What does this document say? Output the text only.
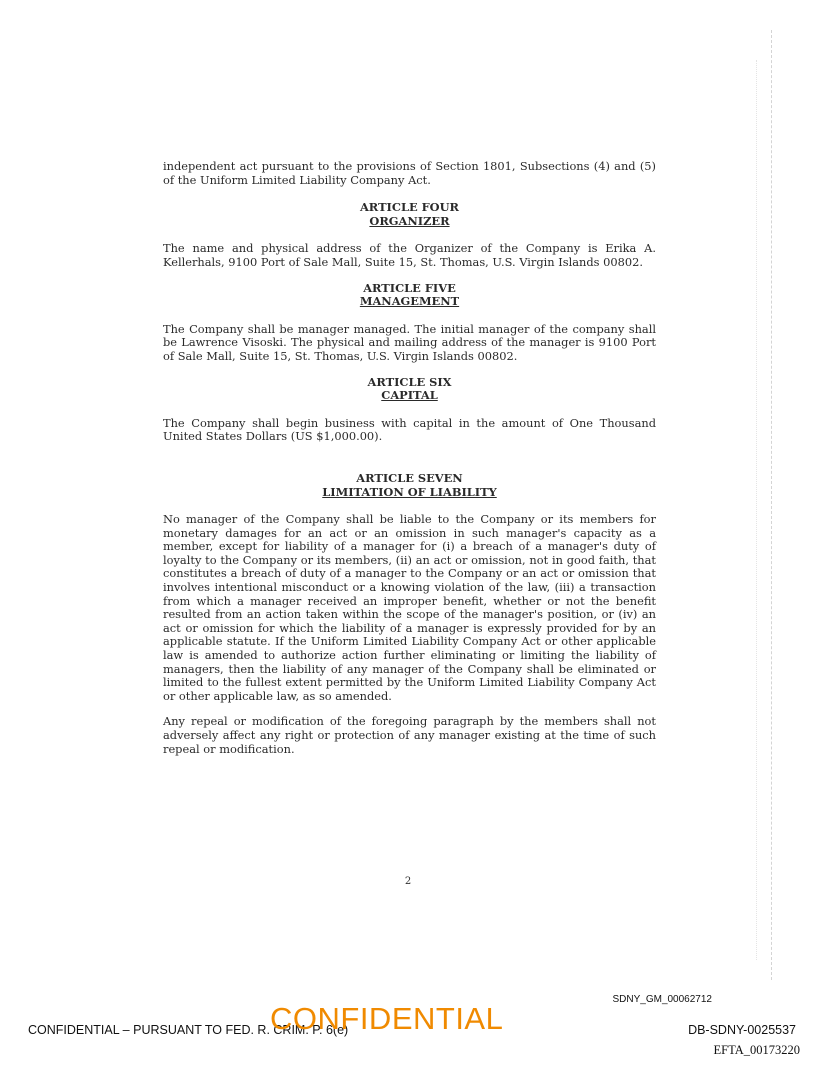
independent act pursuant to the provisions of Section 1801, Subsections (4) and (5) of the Uniform Limited Liability Company Act.

ARTICLE FOUR
ORGANIZER

The name and physical address of the Organizer of the Company is Erika A. Kellerhals, 9100 Port of Sale Mall, Suite 15, St. Thomas, U.S. Virgin Islands 00802.

ARTICLE FIVE
MANAGEMENT

The Company shall be manager managed. The initial manager of the company shall be Lawrence Visoski. The physical and mailing address of the manager is 9100 Port of Sale Mall, Suite 15, St. Thomas, U.S. Virgin Islands 00802.

ARTICLE SIX
CAPITAL

The Company shall begin business with capital in the amount of One Thousand United States Dollars (US $1,000.00).

ARTICLE SEVEN
LIMITATION OF LIABILITY

No manager of the Company shall be liable to the Company or its members for monetary damages for an act or an omission in such manager's capacity as a member, except for liability of a manager for (i) a breach of a manager's duty of loyalty to the Company or its members, (ii) an act or omission, not in good faith, that constitutes a breach of duty of a manager to the Company or an act or omission that involves intentional misconduct or a knowing violation of the law, (iii) a transaction from which a manager received an improper benefit, whether or not the benefit resulted from an action taken within the scope of the manager's position, or (iv) an act or omission for which the liability of a manager is expressly provided for by an applicable statute. If the Uniform Limited Liability Company Act or other applicable law is amended to authorize action further eliminating or limiting the liability of managers, then the liability of any manager of the Company shall be eliminated or limited to the fullest extent permitted by the Uniform Limited Liability Company Act or other applicable law, as so amended.

Any repeal or modification of the foregoing paragraph by the members shall not adversely affect any right or protection of any manager existing at the time of such repeal or modification.

2
SDNY_GM_00062712
CONFIDENTIAL – PURSUANT TO FED. R. CRIM. P. 6(e)
CONFIDENTIAL	DB-SDNY-0025537
EFTA_00173220
